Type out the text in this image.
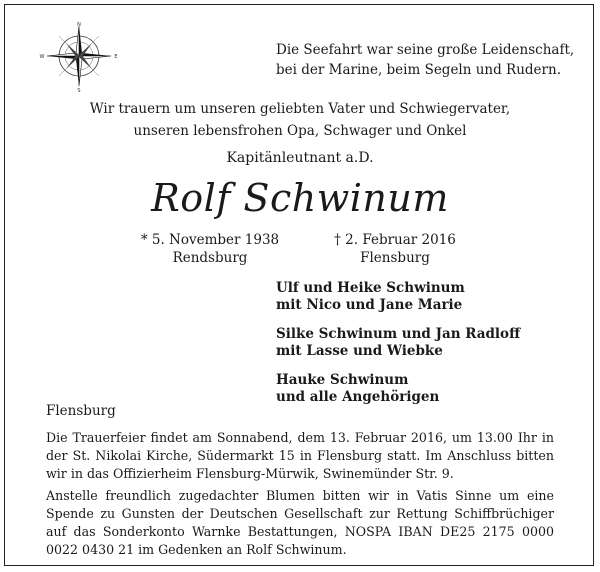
N
S
E
W	Die Seefahrt war seine große Leidenschaft,
bei der Marine, beim Segeln und Rudern.
Wir trauern um unseren geliebten Vater und Schwiegervater,
unseren lebensfrohen Opa, Schwager und Onkel
Kapitänleutnant a.D.
Rolf Schwinum
* 5. November 1938
Rendsburg
† 2. Februar 2016
Flensburg
Ulf und Heike Schwinum
mit Nico und Jane Marie
Silke Schwinum und Jan Radloff
mit Lasse und Wiebke
Hauke Schwinum
und alle Angehörigen
Flensburg
Die Trauerfeier findet am Sonnabend, dem 13. Februar 2016, um 13.00 Ihr in der St. Nikolai Kirche, Südermarkt 15 in Flensburg statt. Im Anschluss bitten wir in das Offizierheim Flensburg-Mürwik, Swinemünder Str. 9.
Anstelle freundlich zugedachter Blumen bitten wir in Vatis Sinne um eine Spende zu Gunsten der Deutschen Gesellschaft zur Rettung Schiffbrüchiger auf das Sonderkonto Warnke Bestattungen, NOSPA IBAN DE25 2175 0000 0022 0430 21 im Gedenken an Rolf Schwinum.
